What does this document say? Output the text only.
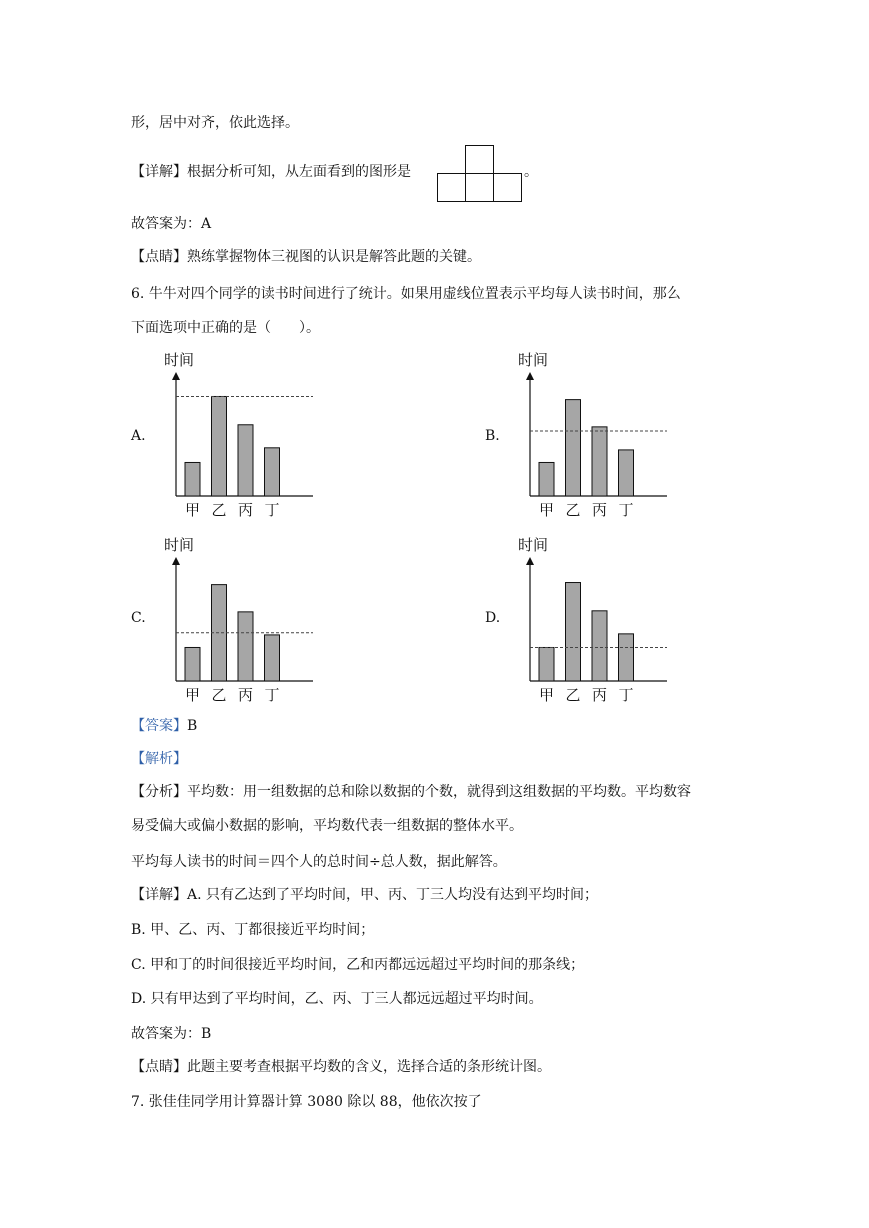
形，居中对齐，依此选择。
【详解】根据分析可知，从左面看到的图形是	。
故答案为：A
【点睛】熟练掌握物体三视图的认识是解答此题的关键。
6. 牛牛对四个同学的读书时间进行了统计。如果用虚线位置表示平均每人读书时间，那么
下面选项中正确的是（　　）。
A.	B.
C.	D.
时间
甲 乙 丙 丁
时间
甲 乙 丙 丁
时间
甲 乙 丙 丁
时间
甲 乙 丙 丁
【答案】B
【解析】
【分析】平均数：用一组数据的总和除以数据的个数，就得到这组数据的平均数。平均数容
易受偏大或偏小数据的影响，平均数代表一组数据的整体水平。
平均每人读书的时间＝四个人的总时间÷总人数，据此解答。
【详解】A. 只有乙达到了平均时间，甲、丙、丁三人均没有达到平均时间；
B. 甲、乙、丙、丁都很接近平均时间；
C. 甲和丁的时间很接近平均时间，乙和丙都远远超过平均时间的那条线；
D. 只有甲达到了平均时间，乙、丙、丁三人都远远超过平均时间。
故答案为：B
【点睛】此题主要考查根据平均数的含义，选择合适的条形统计图。
7. 张佳佳同学用计算器计算 3080 除以 88，他依次按了
